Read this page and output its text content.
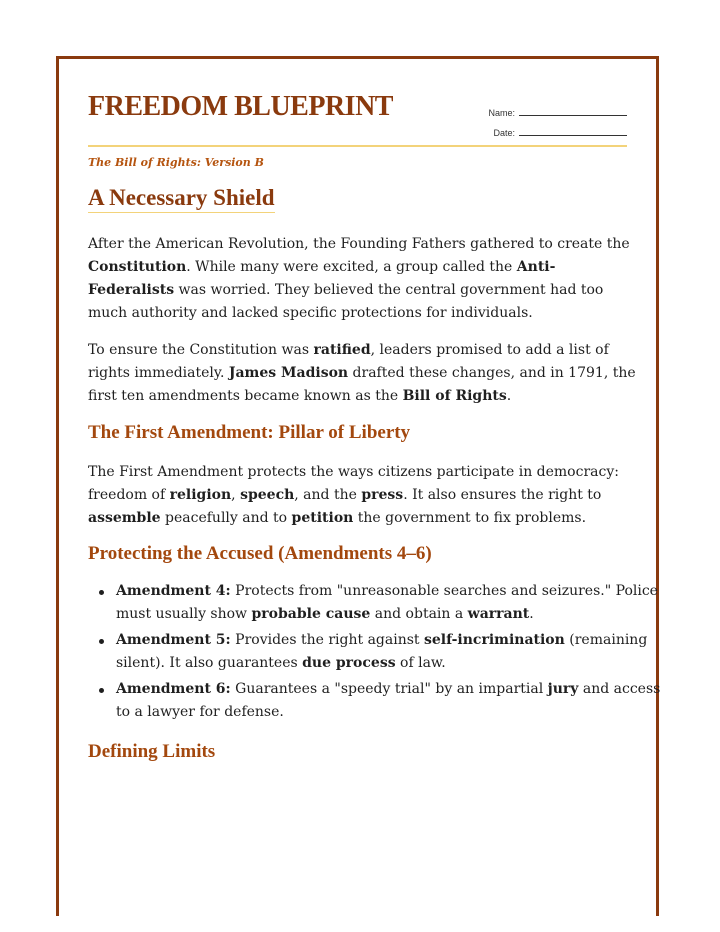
FREEDOM BLUEPRINT	Name:
Date:
The Bill of Rights: Version B
A Necessary Shield
After the American Revolution, the Founding Fathers gathered to create the Constitution. While many were excited, a group called the Anti-Federalists was worried. They believed the central government had too much authority and lacked specific protections for individuals.
To ensure the Constitution was ratified, leaders promised to add a list of rights immediately. James Madison drafted these changes, and in 1791, the first ten amendments became known as the Bill of Rights.
The First Amendment: Pillar of Liberty
The First Amendment protects the ways citizens participate in democracy: freedom of religion, speech, and the press. It also ensures the right to assemble peacefully and to petition the government to fix problems.
Protecting the Accused (Amendments 4–6)
Amendment 4: Protects from "unreasonable searches and seizures." Police must usually show probable cause and obtain a warrant.
Amendment 5: Provides the right against self-incrimination (remaining silent). It also guarantees due process of law.
Amendment 6: Guarantees a "speedy trial" by an impartial jury and access to a lawyer for defense.
Defining Limits
